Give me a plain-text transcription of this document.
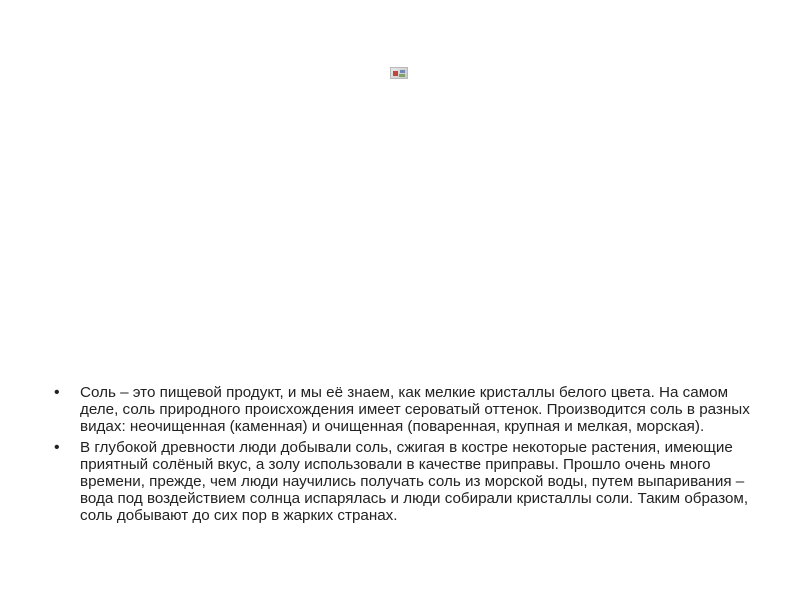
•	Соль – это пищевой продукт, и мы её знаем, как мелкие кристаллы белого цвета. На самом деле, соль природного происхождения имеет сероватый оттенок. Производится соль в разных видах: неочищенная (каменная) и очищенная (поваренная, крупная и мелкая, морская).

•	В глубокой древности люди добывали соль, сжигая в костре некоторые растения, имеющие приятный солёный вкус, а золу использовали в качестве приправы. Прошло очень много времени, прежде, чем люди научились получать соль из морской воды, путем выпаривания – вода под воздействием солнца испарялась и люди собирали кристаллы соли. Таким образом, соль добывают до сих пор в жарких странах.
